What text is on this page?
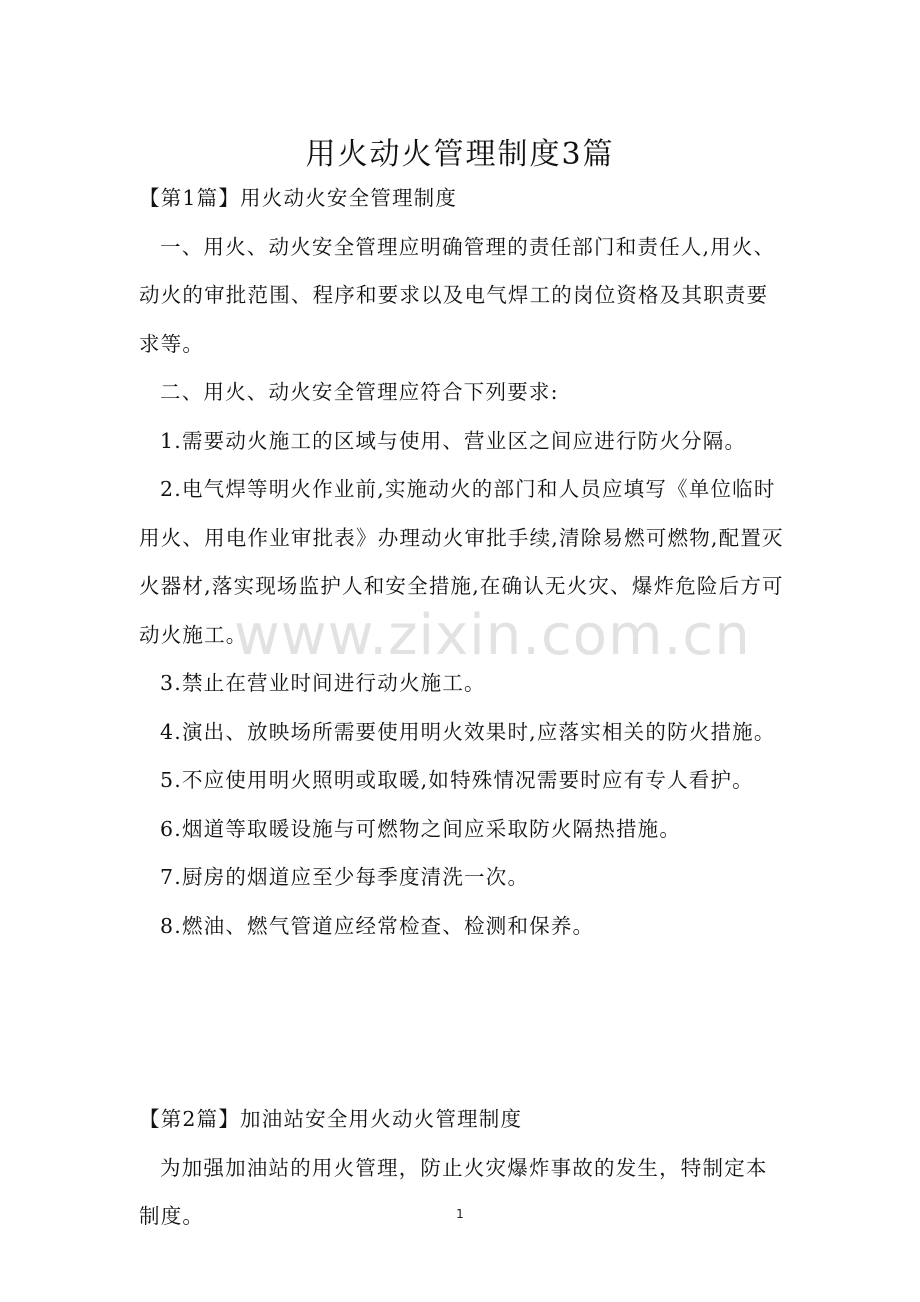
用火动火管理制度3篇

【第1篇】用火动火安全管理制度

一、用火、动火安全管理应明确管理的责任部门和责任人,用火、动火的审批范围、程序和要求以及电气焊工的岗位资格及其职责要求等。

二、用火、动火安全管理应符合下列要求:

1.需要动火施工的区域与使用、营业区之间应进行防火分隔。

2.电气焊等明火作业前,实施动火的部门和人员应填写《单位临时用火、用电作业审批表》办理动火审批手续,清除易燃可燃物,配置灭火器材,落实现场监护人和安全措施,在确认无火灾、爆炸危险后方可动火施工。

3.禁止在营业时间进行动火施工。

4.演出、放映场所需要使用明火效果时,应落实相关的防火措施。

5.不应使用明火照明或取暖,如特殊情况需要时应有专人看护。

6.烟道等取暖设施与可燃物之间应采取防火隔热措施。

7.厨房的烟道应至少每季度清洗一次。

8.燃油、燃气管道应经常检查、检测和保养。

【第2篇】加油站安全用火动火管理制度

为加强加油站的用火管理，防止火灾爆炸事故的发生，特制定本制度。

www.zixin.com.cn
1
